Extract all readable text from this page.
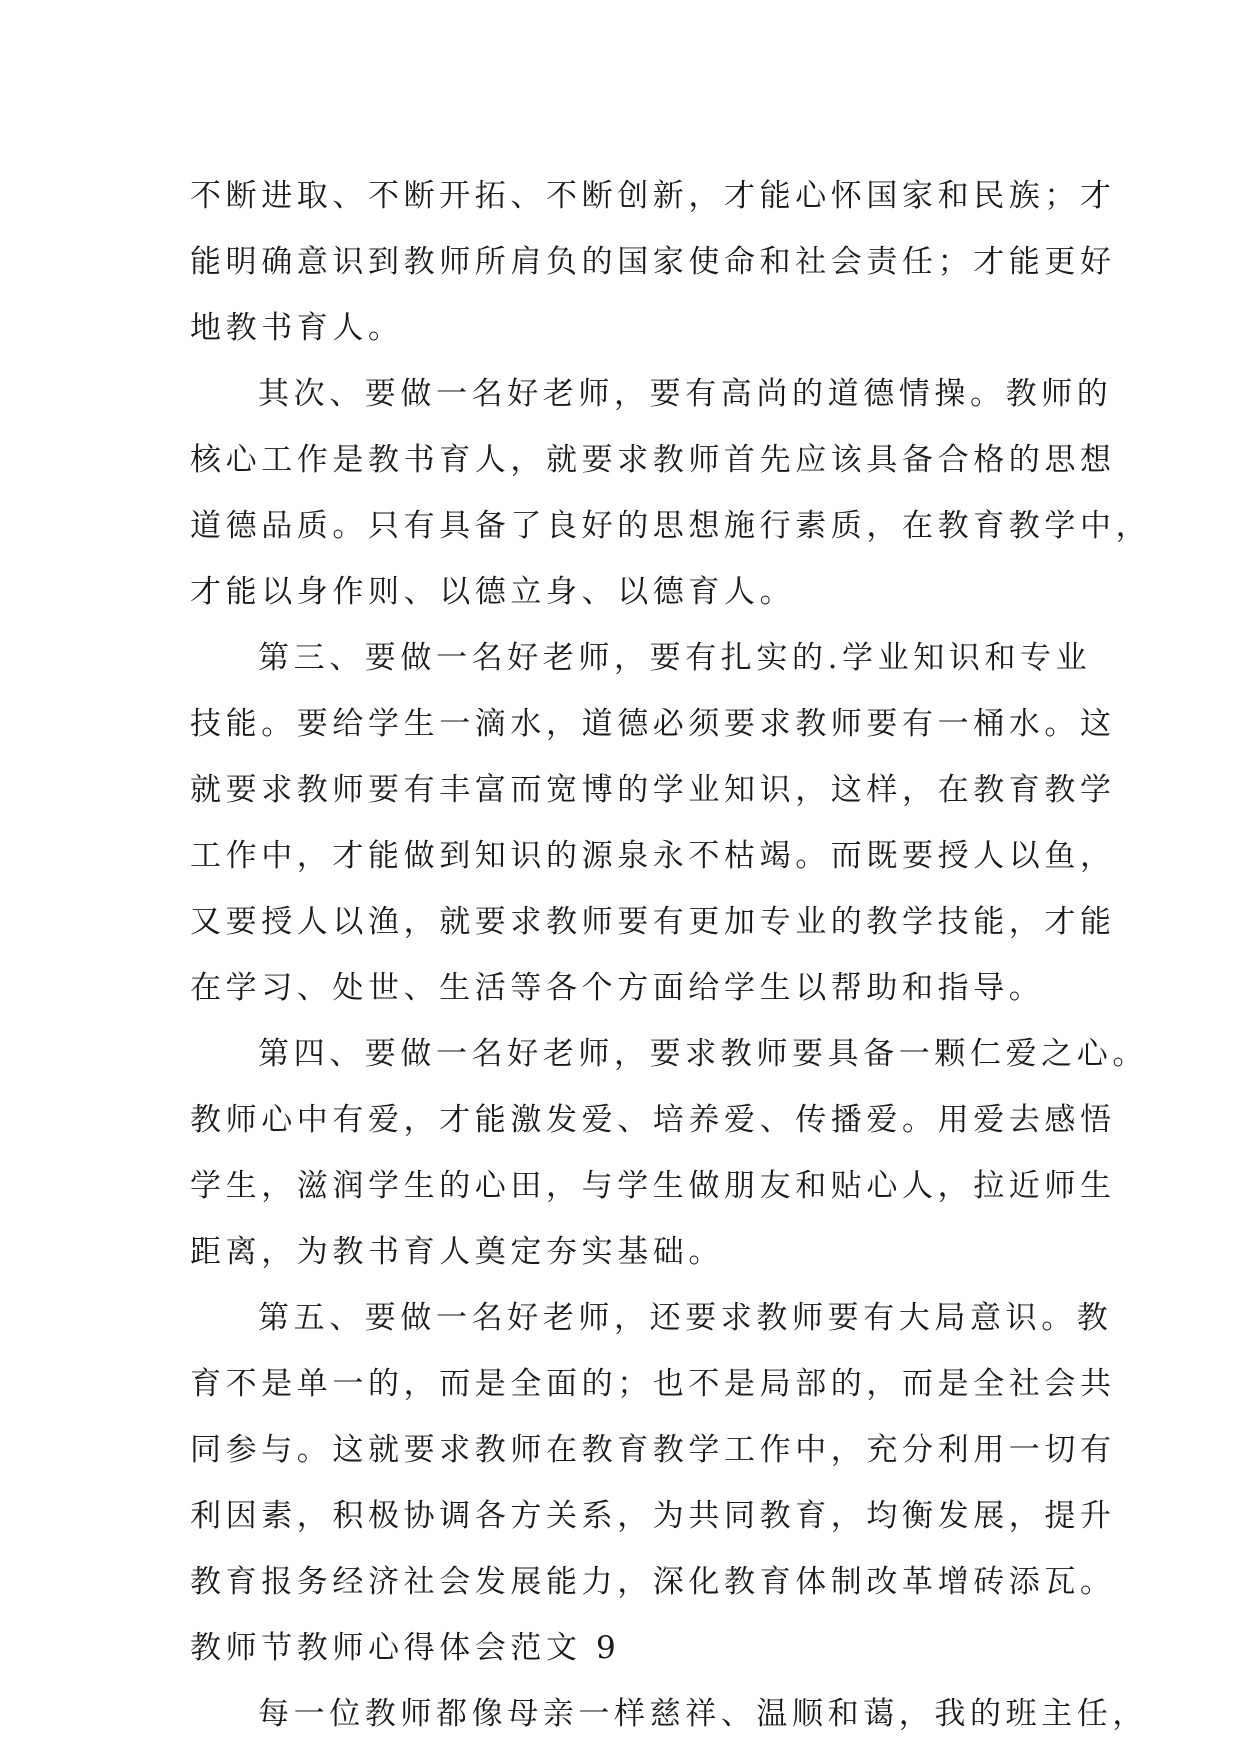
不断进取、不断开拓、不断创新，才能心怀国家和民族；才
能明确意识到教师所肩负的国家使命和社会责任；才能更好
地教书育人。
其次、要做一名好老师，要有高尚的道德情操。教师的
核心工作是教书育人，就要求教师首先应该具备合格的思想
道德品质。只有具备了良好的思想施行素质，在教育教学中，
才能以身作则、以德立身、以德育人。
第三、要做一名好老师，要有扎实的.学业知识和专业
技能。要给学生一滴水，道德必须要求教师要有一桶水。这
就要求教师要有丰富而宽博的学业知识，这样，在教育教学
工作中，才能做到知识的源泉永不枯竭。而既要授人以鱼，
又要授人以渔，就要求教师要有更加专业的教学技能，才能
在学习、处世、生活等各个方面给学生以帮助和指导。
第四、要做一名好老师，要求教师要具备一颗仁爱之心。
教师心中有爱，才能激发爱、培养爱、传播爱。用爱去感悟
学生，滋润学生的心田，与学生做朋友和贴心人，拉近师生
距离，为教书育人奠定夯实基础。
第五、要做一名好老师，还要求教师要有大局意识。教
育不是单一的，而是全面的；也不是局部的，而是全社会共
同参与。这就要求教师在教育教学工作中，充分利用一切有
利因素，积极协调各方关系，为共同教育，均衡发展，提升
教育报务经济社会发展能力，深化教育体制改革增砖添瓦。
教师节教师心得体会范文 9
每一位教师都像母亲一样慈祥、温顺和蔼，我的班主任，
